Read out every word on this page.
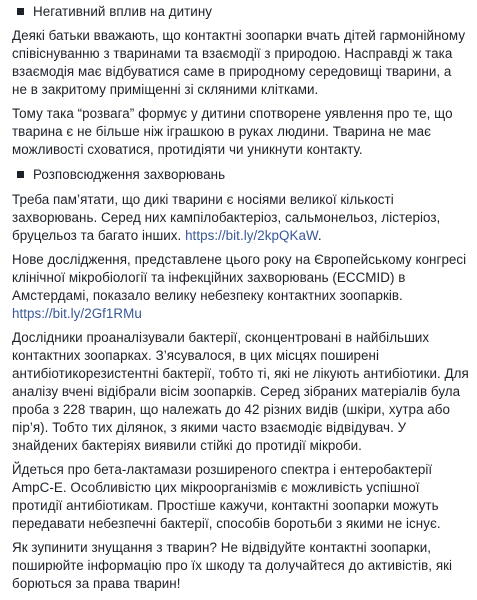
Негативний вплив на дитину

Деякі батьки вважають, що контактні зоопарки вчать дітей гармонійному співіснуванню з тваринами та взаємодії з природою. Насправді ж така взаємодія має відбуватися саме в природному середовищі тварини, а не в закритому приміщенні зі скляними клітками.

Тому така “розвага” формує у дитини спотворене уявлення про те, що тварина є не більше ніж іграшкою в руках людини. Тварина не має можливості сховатися, протидіяти чи уникнути контакту.

Розповсюдження захворювань

Треба пам’ятати, що дикі тварини є носіями великої кількості захворювань. Серед них кампілобактеріоз, сальмонельоз, лістеріоз, бруцельоз та багато інших. https://bit.ly/2kpQKaW.

Нове дослідження, представлене цього року на Європейському конгресі клінічної мікробіології та інфекційних захворювань (ECCMID) в Амстердамі, показало велику небезпеку контактних зоопарків.
https://bit.ly/2Gf1RMu

Дослідники проаналізували бактерії, сконцентровані в найбільших контактних зоопарках. З’ясувалося, в цих місцях поширені антибіотикорезистентні бактерії, тобто ті, які не лікують антибіотики. Для аналізу вчені відібрали вісім зоопарків. Серед зібраних матеріалів була проба з 228 тварин, що належать до 42 різних видів (шкіри, хутра або пір’я). Тобто тих ділянок, з якими часто взаємодіє відвідувач. У знайдених бактеріях виявили стійкі до протидії мікроби.

Йдеться про бета-лактамази розширеного спектра і ентеробактерії AmpC-E. Особливістю цих мікроорганізмів є можливість успішної протидії антибіотикам. Простіше кажучи, контактні зоопарки можуть передавати небезпечні бактерії, способів боротьби з якими не існує.

Як зупинити знущання з тварин? Не відвідуйте контактні зоопарки, поширюйте інформацію про їх шкоду та долучайтеся до активістів, які борються за права тварин!
